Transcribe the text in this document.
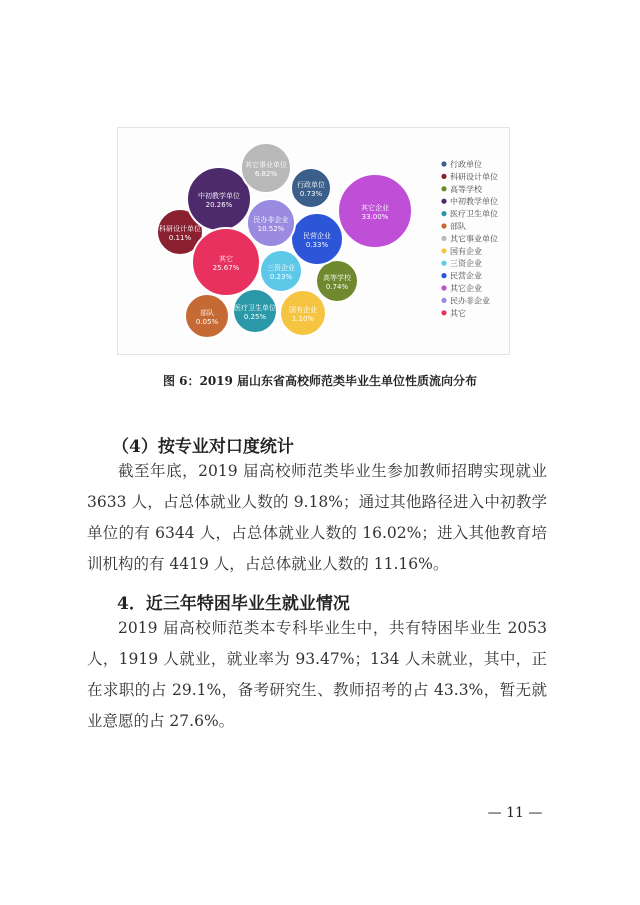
行政单位
0.73%
科研设计单位
0.11%
高等学校
0.74%
中初教学单位
20.26%
医疗卫生单位
0.25%
部队
0.05%
其它事业单位
6.82%
国有企业
1.10%
三资企业
0.23%
民营企业
0.33%
其它企业
33.00%
民办非企业
10.52%
其它
25.67%
行政单位
科研设计单位
高等学校
中初教学单位
医疗卫生单位
部队
其它事业单位
国有企业
三资企业
民营企业
其它企业
民办非企业
其它
图 6：2019 届山东省高校师范类毕业生单位性质流向分布
（4）按专业对口度统计
截至年底，2019 届高校师范类毕业生参加教师招聘实现就业 3633 人，占总体就业人数的 9.18%；通过其他路径进入中初教学单位的有 6344 人，占总体就业人数的 16.02%；进入其他教育培训机构的有 4419 人，占总体就业人数的 11.16%。
4．近三年特困毕业生就业情况
2019 届高校师范类本专科毕业生中，共有特困毕业生 2053 人，1919 人就业，就业率为 93.47%；134 人未就业，其中，正在求职的占 29.1%，备考研究生、教师招考的占 43.3%，暂无就业意愿的占 27.6%。
— 11 —
